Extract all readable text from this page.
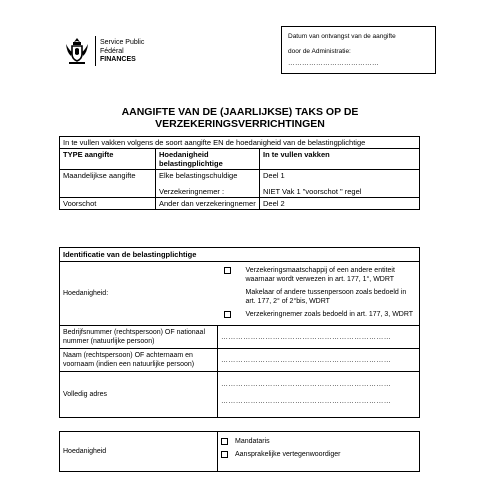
Service Public
Fédéral
FINANCES
Datum van ontvangst van de aangifte
door de Administratie:
…………………………………
AANGIFTE VAN DE (JAARLIJKSE) TAKS OP DE
VERZEKERINGSVERRICHTINGEN
In te vullen vakken volgens de soort aangifte EN de hoedanigheid van de belastingplichtige		
TYPE aangifte	Hoedanigheid belastingplichtige	In te vullen vakken
Maandelijkse aangifte	Elke belastingschuldige	Deel 1
	Verzekeringnemer :	NIET Vak 1 "voorschot " regel
Voorschot	Ander dan verzekeringnemer	Deel 2
Identificatie van de belastingplichtige	
Hoedanigheid:	Verzekeringsmaatschappij of een andere entiteit waarnaar wordt verwezen in art. 177, 1°, WDRT
Makelaar of andere tussenpersoon zoals bedoeld in art. 177, 2° of 2°bis, WDRT
Verzekeringnemer zoals bedoeld in art. 177, 3, WDRT

Bedrijfsnummer (rechtspersoon) OF nationaal nummer (natuurlijke persoon)	……………………………………………………………

Naam (rechtspersoon) OF achternaam en voornaam (indien een natuurlijke persoon)	……………………………………………………………

Volledig adres	……………………………………………………………
……………………………………………………………

Hoedanigheid	Mandataris
Aansprakelijke vertegenwoordiger
